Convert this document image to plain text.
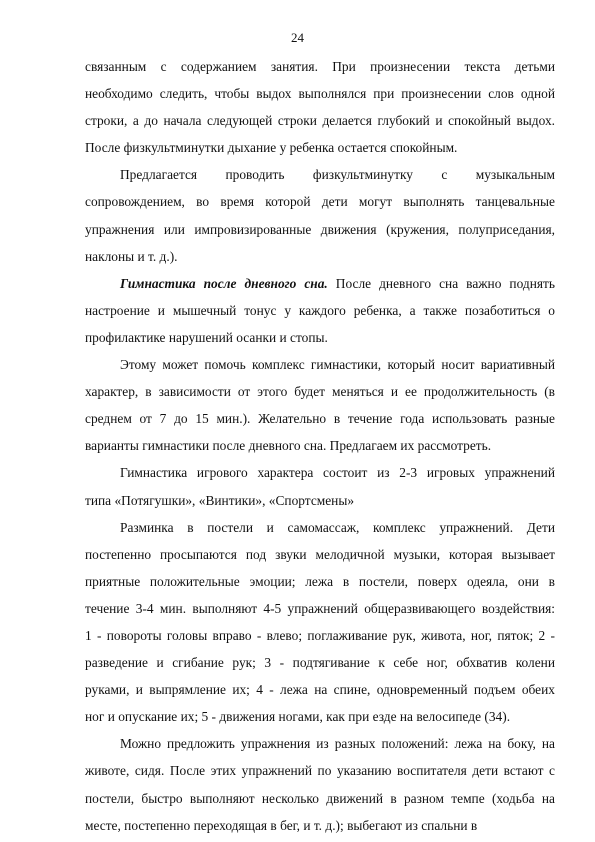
24

связанным с содержанием занятия. При произнесении текста детьми
необходимо следить, чтобы выдох выполнялся при произнесении слов одной
строки, а до начала следующей строки делается глубокий и спокойный выдох.
После физкультминутки дыхание у ребенка остается спокойным.

Предлагается проводить физкультминутку с музыкальным
сопровождением, во время которой дети могут выполнять танцевальные
упражнения или импровизированные движения (кружения, полуприседания,
наклоны и т. д.).

Гимнастика после дневного сна. После дневного сна важно поднять
настроение и мышечный тонус у каждого ребенка, а также позаботиться о
профилактике нарушений осанки и стопы.

Этому может помочь комплекс гимнастики, который носит вариативный
характер, в зависимости от этого будет меняться и ее продолжительность (в
среднем от 7 до 15 мин.). Желательно в течение года использовать разные
варианты гимнастики после дневного сна. Предлагаем их рассмотреть.

Гимнастика игрового характера состоит из 2-3 игровых упражнений
типа «Потягушки», «Винтики», «Спортсмены»

Разминка в постели и самомассаж, комплекс упражнений. Дети
постепенно просыпаются под звуки мелодичной музыки, которая вызывает
приятные положительные эмоции; лежа в постели, поверх одеяла, они в
течение 3-4 мин. выполняют 4-5 упражнений общеразвивающего воздействия:
1 - повороты головы вправо - влево; поглаживание рук, живота, ног, пяток; 2 -
разведение и сгибание рук; 3 - подтягивание к себе ног, обхватив колени
руками, и выпрямление их; 4 - лежа на спине, одновременный подъем обеих
ног и опускание их; 5 - движения ногами, как при езде на велосипеде (34).

Можно предложить упражнения из разных положений: лежа на боку, на
животе, сидя. После этих упражнений по указанию воспитателя дети встают с
постели, быстро выполняют несколько движений в разном темпе (ходьба на
месте, постепенно переходящая в бег, и т. д.); выбегают из спальни в
